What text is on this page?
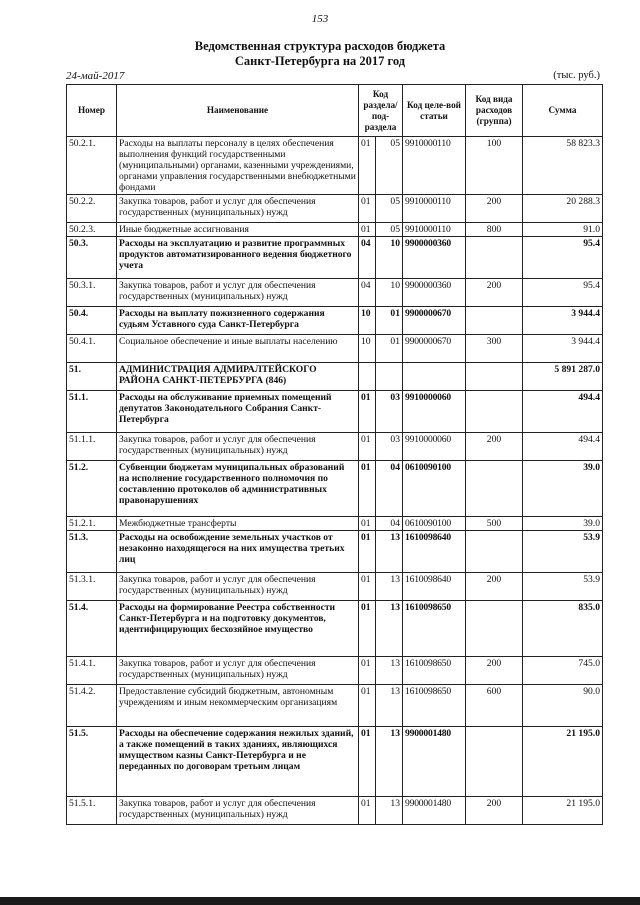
153
Ведомственная структура расходов бюджета
Санкт-Петербурга на 2017 год
24-май-2017	(тыс. руб.)
Номер	Наименование	Код раздела/ под-раздела		Код целе-вой статьи	Код вида расходов (группа)	Сумма
50.2.1.	Расходы на выплаты персоналу в целях обеспечения выполнения функций государственными (муниципальными) органами, казенными учреждениями, органами управления государственными внебюджетными фондами	01	05	9910000110	100	58 823.3
50.2.2.	Закупка товаров, работ и услуг для обеспечения государственных (муниципальных) нужд	01	05	9910000110	200	20 288.3
50.2.3.	Иные бюджетные ассигнования	01	05	9910000110	800	91.0
50.3.	Расходы на эксплуатацию и развитие программных продуктов автоматизированного ведения бюджетного учета	04	10	9900000360		95.4
50.3.1.	Закупка товаров, работ и услуг для обеспечения государственных (муниципальных) нужд	04	10	9900000360	200	95.4
50.4.	Расходы на выплату пожизненного содержания судьям Уставного суда Санкт-Петербурга	10	01	9900000670		3 944.4
50.4.1.	Социальное обеспечение и иные выплаты населению	10	01	9900000670	300	3 944.4
51.	АДМИНИСТРАЦИЯ АДМИРАЛТЕЙСКОГО РАЙОНА САНКТ-ПЕТЕРБУРГА (846)					5 891 287.0
51.1.	Расходы на обслуживание приемных помещений депутатов Законодательного Собрания Санкт-Петербурга	01	03	9910000060		494.4
51.1.1.	Закупка товаров, работ и услуг для обеспечения государственных (муниципальных) нужд	01	03	9910000060	200	494.4
51.2.	Субвенции бюджетам муниципальных образований на исполнение государственного полномочия по составлению протоколов об административных правонарушениях	01	04	0610090100		39.0
51.2.1.	Межбюджетные трансферты	01	04	0610090100	500	39.0
51.3.	Расходы на освобождение земельных участков от незаконно находящегося на них имущества третьих лиц	01	13	1610098640		53.9
51.3.1.	Закупка товаров, работ и услуг для обеспечения государственных (муниципальных) нужд	01	13	1610098640	200	53.9
51.4.	Расходы на формирование Реестра собственности Санкт-Петербурга и на подготовку документов, идентифицирующих бесхозяйное имущество	01	13	1610098650		835.0
51.4.1.	Закупка товаров, работ и услуг для обеспечения государственных (муниципальных) нужд	01	13	1610098650	200	745.0
51.4.2.	Предоставление субсидий бюджетным, автономным учреждениям и иным некоммерческим организациям	01	13	1610098650	600	90.0
51.5.	Расходы на обеспечение содержания нежилых зданий, а также помещений в таких зданиях, являющихся имуществом казны Санкт-Петербурга и не переданных по договорам третьим лицам	01	13	9900001480		21 195.0
51.5.1.	Закупка товаров, работ и услуг для обеспечения государственных (муниципальных) нужд	01	13	9900001480	200	21 195.0
